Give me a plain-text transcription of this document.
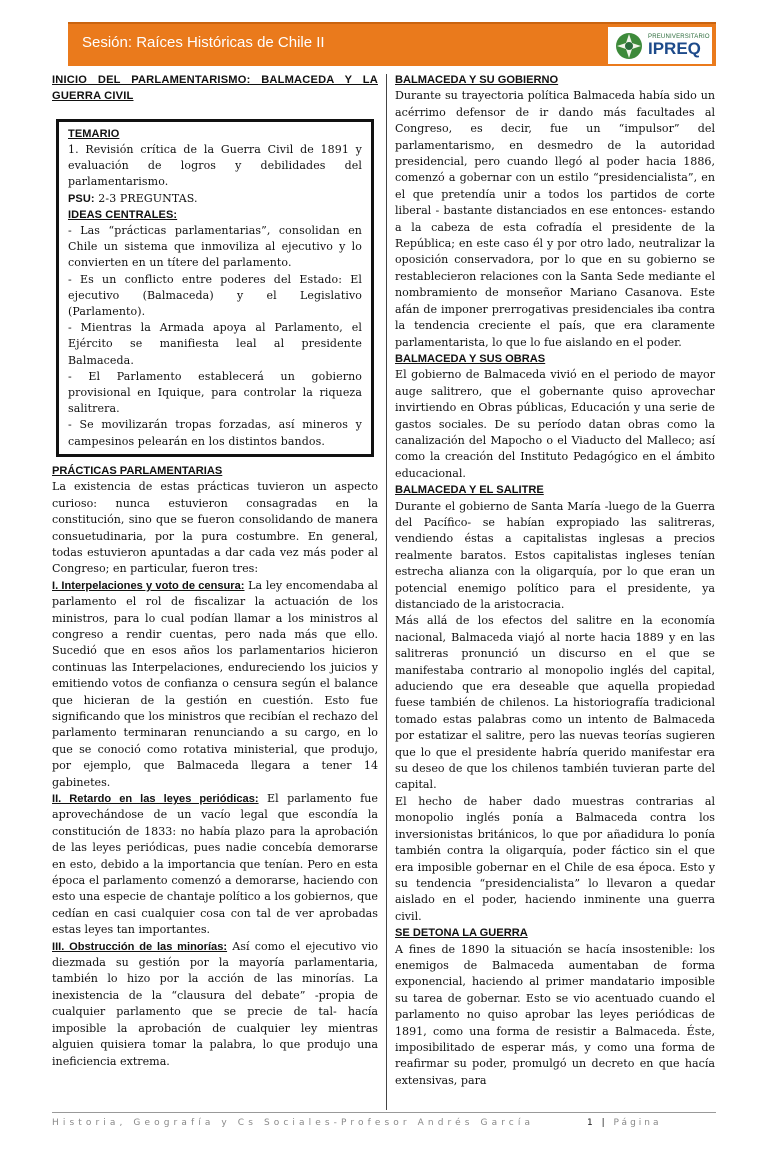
Sesión: Raíces Históricas de Chile II	PREUNIVERSITARIO
IPREQ
INICIO DEL PARLAMENTARISMO: BALMACEDA Y LA GUERRA CIVIL
TEMARIO

1. Revisión crítica de la Guerra Civil de 1891 y evaluación de logros y debilidades del parlamentarismo.

PSU: 2-3 PREGUNTAS.

IDEAS CENTRALES:

- Las “prácticas parlamentarias”, consolidan en Chile un sistema que inmoviliza al ejecutivo y lo convierten en un títere del parlamento.

- Es un conflicto entre poderes del Estado: El ejecutivo (Balmaceda) y el Legislativo (Parlamento).

- Mientras la Armada apoya al Parlamento, el Ejército se manifiesta leal al presidente Balmaceda.

- El Parlamento establecerá un gobierno provisional en Iquique, para controlar la riqueza salitrera.

- Se movilizarán tropas forzadas, así mineros y campesinos pelearán en los distintos bandos.

PRÁCTICAS PARLAMENTARIAS

La existencia de estas prácticas tuvieron un aspecto curioso: nunca estuvieron consagradas en la constitución, sino que se fueron consolidando de manera consuetudinaria, por la pura costumbre. En general, todas estuvieron apuntadas a dar cada vez más poder al Congreso; en particular, fueron tres:

I. Interpelaciones y voto de censura: La ley encomendaba al parlamento el rol de fiscalizar la actuación de los ministros, para lo cual podían llamar a los ministros al congreso a rendir cuentas, pero nada más que ello. Sucedió que en esos años los parlamentarios hicieron continuas las Interpelaciones, endureciendo los juicios y emitiendo votos de confianza o censura según el balance que hicieran de la gestión en cuestión. Esto fue significando que los ministros que recibían el rechazo del parlamento terminaran renunciando a su cargo, en lo que se conoció como rotativa ministerial, que produjo, por ejemplo, que Balmaceda llegara a tener 14 gabinetes.

II. Retardo en las leyes periódicas: El parlamento fue aprovechándose de un vacío legal que escondía la constitución de 1833: no había plazo para la aprobación de las leyes periódicas, pues nadie concebía demorarse en esto, debido a la importancia que tenían. Pero en esta época el parlamento comenzó a demorarse, haciendo con esto una especie de chantaje político a los gobiernos, que cedían en casi cualquier cosa con tal de ver aprobadas estas leyes tan importantes.

III. Obstrucción de las minorías: Así como el ejecutivo vio diezmada su gestión por la mayoría parlamentaria, también lo hizo por la acción de las minorías. La inexistencia de la “clausura del debate” -propia de cualquier parlamento que se precie de tal- hacía imposible la aprobación de cualquier ley mientras alguien quisiera tomar la palabra, lo que produjo una ineficiencia extrema.

BALMACEDA Y SU GOBIERNO

Durante su trayectoria política Balmaceda había sido un acérrimo defensor de ir dando más facultades al Congreso, es decir, fue un “impulsor” del parlamentarismo, en desmedro de la autoridad presidencial, pero cuando llegó al poder hacia 1886, comenzó a gobernar con un estilo “presidencialista”, en el que pretendía unir a todos los partidos de corte liberal - bastante distanciados en ese entonces- estando a la cabeza de esta cofradía el presidente de la República; en este caso él y por otro lado, neutralizar la oposición conservadora, por lo que en su gobierno se restablecieron relaciones con la Santa Sede mediante el nombramiento de monseñor Mariano Casanova. Este afán de imponer prerrogativas presidenciales iba contra la tendencia creciente el país, que era claramente parlamentarista, lo que lo fue aislando en el poder.

BALMACEDA Y SUS OBRAS

El gobierno de Balmaceda vivió en el periodo de mayor auge salitrero, que el gobernante quiso aprovechar invirtiendo en Obras públicas, Educación y una serie de gastos sociales. De su período datan obras como la canalización del Mapocho o el Viaducto del Malleco; así como la creación del Instituto Pedagógico en el ámbito educacional.

BALMACEDA Y EL SALITRE

Durante el gobierno de Santa María -luego de la Guerra del Pacífico- se habían expropiado las salitreras, vendiendo éstas a capitalistas inglesas a precios realmente baratos. Estos capitalistas ingleses tenían estrecha alianza con la oligarquía, por lo que eran un potencial enemigo político para el presidente, ya distanciado de la aristocracia.

Más allá de los efectos del salitre en la economía nacional, Balmaceda viajó al norte hacia 1889 y en las salitreras pronunció un discurso en el que se manifestaba contrario al monopolio inglés del capital, aduciendo que era deseable que aquella propiedad fuese también de chilenos. La historiografía tradicional tomado estas palabras como un intento de Balmaceda por estatizar el salitre, pero las nuevas teorías sugieren que lo que el presidente habría querido manifestar era su deseo de que los chilenos también tuvieran parte del capital.

El hecho de haber dado muestras contrarias al monopolio inglés ponía a Balmaceda contra los inversionistas británicos, lo que por añadidura lo ponía también contra la oligarquía, poder fáctico sin el que era imposible gobernar en el Chile de esa época. Esto y su tendencia “presidencialista” lo llevaron a quedar aislado en el poder, haciendo inminente una guerra civil.

SE DETONA LA GUERRA

A fines de 1890 la situación se hacía insostenible: los enemigos de Balmaceda aumentaban de forma exponencial, haciendo al primer mandatario imposible su tarea de gobernar. Esto se vio acentuado cuando el parlamento no quiso aprobar las leyes periódicas de 1891, como una forma de resistir a Balmaceda. Éste, imposibilitado de esperar más, y como una forma de reafirmar su poder, promulgó un decreto en que hacía extensivas, para

Historia, Geografía y Cs Sociales-Profesor Andrés García	1 | Página
